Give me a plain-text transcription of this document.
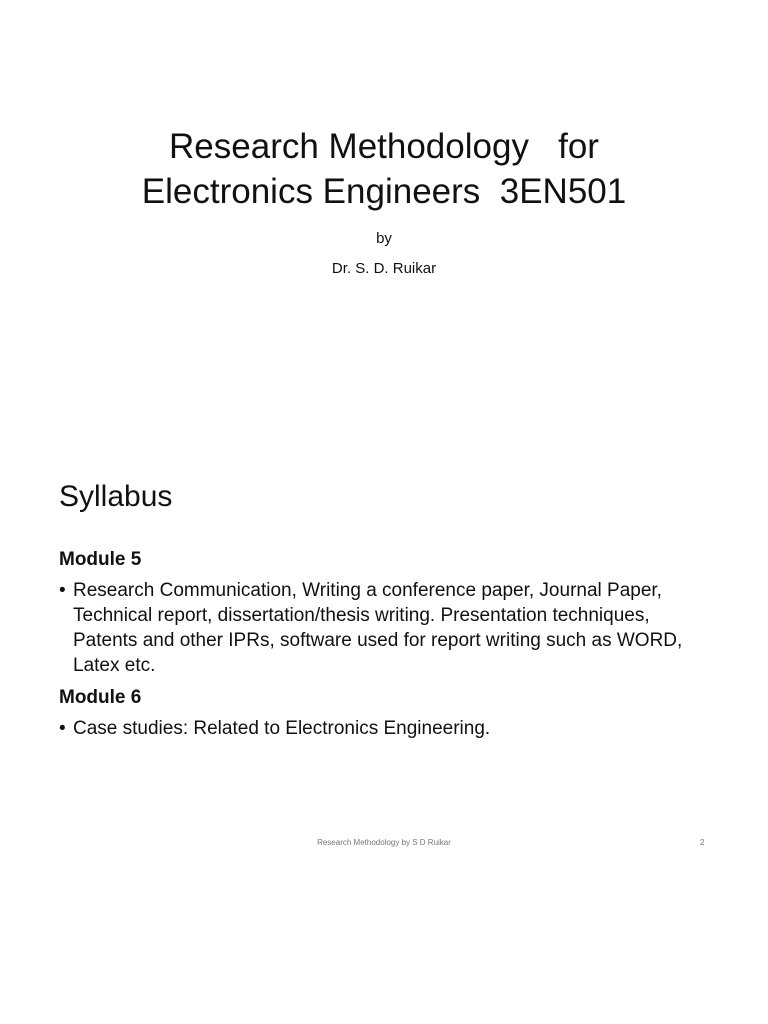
Research Methodology   for
Electronics Engineers  3EN501
by
Dr. S. D. Ruikar
Syllabus
Module 5
• Research Communication, Writing a conference paper, Journal Paper, Technical report, dissertation/thesis writing. Presentation techniques, Patents and other IPRs, software used for report writing such as WORD, Latex etc.
Module 6
• Case studies: Related to Electronics Engineering.
Research Methodology by S D Ruikar	2
